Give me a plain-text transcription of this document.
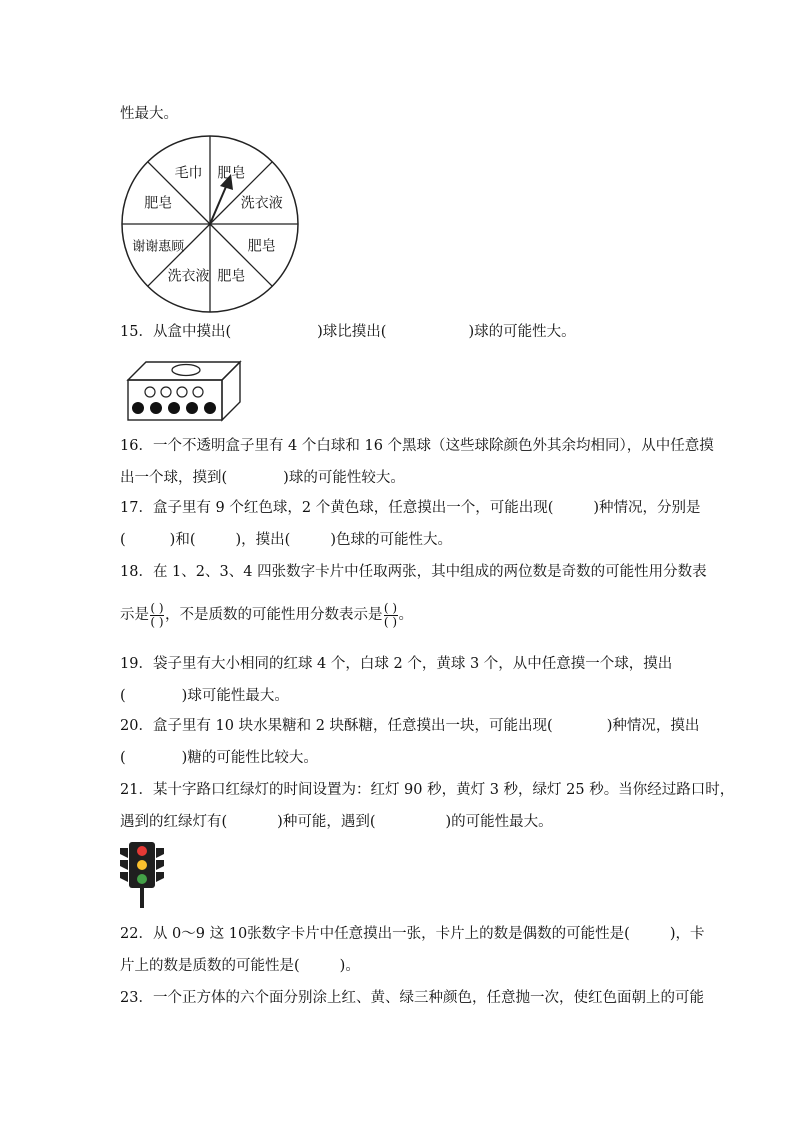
性最大。
毛巾 肥皂
洗衣液
肥皂
肥皂
洗衣液
谢谢惠顾
肥皂
15．从盒中摸出(	)球比摸出(	)球的可能性大。
16．一个不透明盒子里有 4 个白球和 16 个黑球（这些球除颜色外其余均相同），从中任意摸
出一个球，摸到(	)球的可能性较大。
17．盒子里有 9 个红色球，2 个黄色球，任意摸出一个，可能出现(	)种情况，分别是
(	)和(	)，摸出(	)色球的可能性大。
18．在 1、2、3、4 四张数字卡片中任取两张，其中组成的两位数是奇数的可能性用分数表
示是 $\frac{( )}{( )}$ ，不是质数的可能性用分数表示是 $\frac{( )}{( )}$ 。
19．袋子里有大小相同的红球 4 个，白球 2 个，黄球 3 个，从中任意摸一个球，摸出
(	)球可能性最大。
20．盒子里有 10 块水果糖和 2 块酥糖，任意摸出一块，可能出现(	)种情况，摸出
(	)糖的可能性比较大。
21．某十字路口红绿灯的时间设置为：红灯 90 秒，黄灯 3 秒，绿灯 25 秒。当你经过路口时，
遇到的红绿灯有(	)种可能，遇到(	)的可能性最大。
22．从 0～9 这 10张数字卡片中任意摸出一张，卡片上的数是偶数的可能性是(	)，卡
片上的数是质数的可能性是(	)。
23．一个正方体的六个面分别涂上红、黄、绿三种颜色，任意抛一次，使红色面朝上的可能
